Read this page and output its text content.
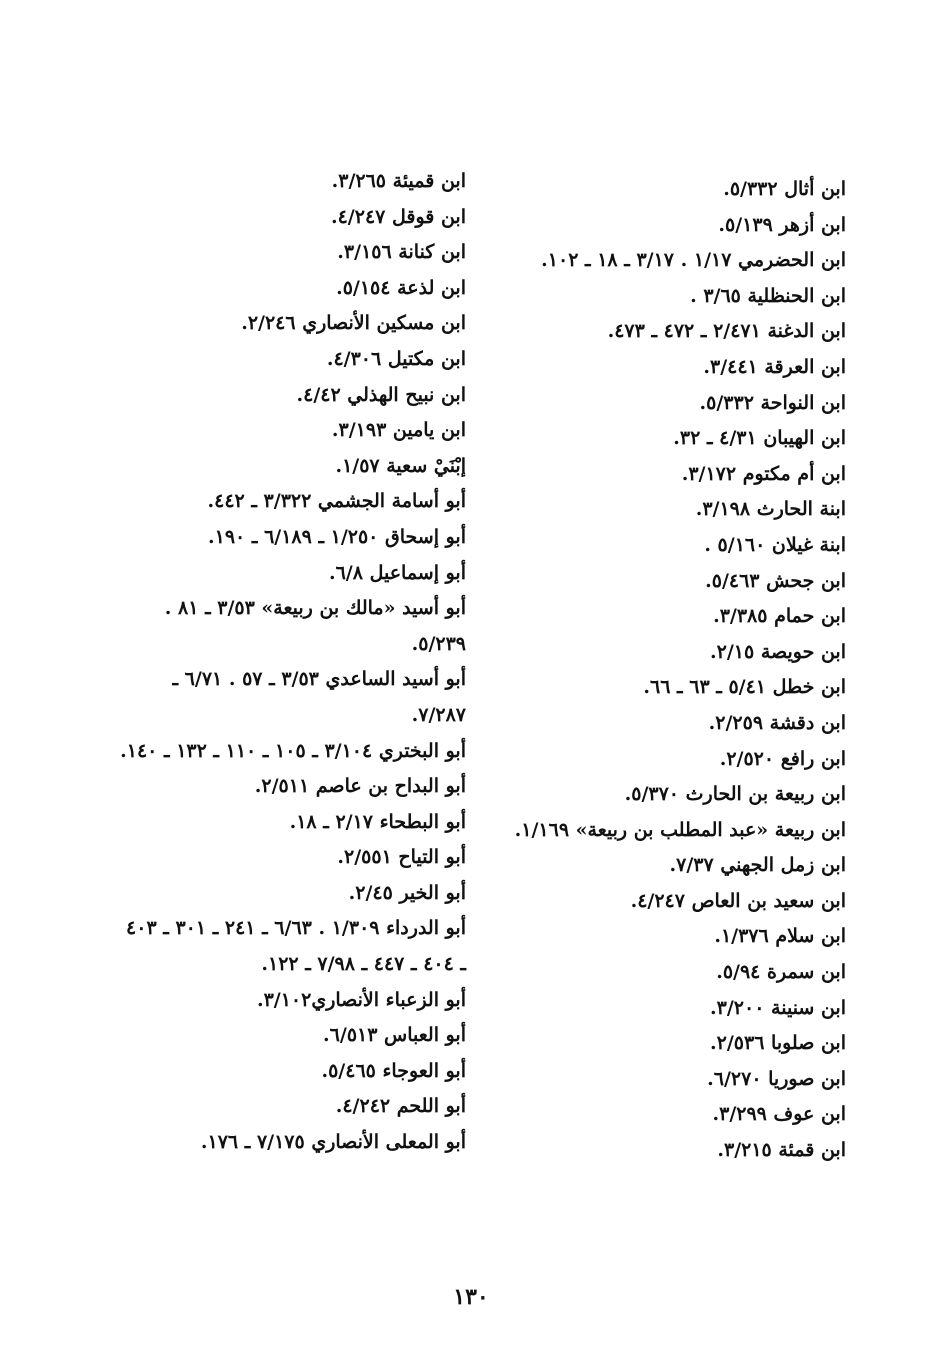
ابن أثال ٥/٣٣٢.
ابن أزهر ٥/١٣٩.
ابن الحضرمي ١/١٧ . ٣/١٧ ـ ١٨ ـ ١٠٢.
ابن الحنظلية ٣/٦٥ .
ابن الدغنة ٢/٤٧١ ـ ٤٧٢ ـ ٤٧٣.
ابن العرقة ٣/٤٤١.
ابن النواحة ٥/٣٣٢.
ابن الهيبان ٤/٣١ ـ ٣٢.
ابن أم مكتوم ٣/١٧٢.
ابنة الحارث ٣/١٩٨.
ابنة غيلان ٥/١٦٠ .
ابن جحش ٥/٤٦٣.
ابن حمام ٣/٣٨٥.
ابن حويصة ٢/١٥.
ابن خطل ٥/٤١ ـ ٦٣ ـ ٦٦.
ابن دقشة ٢/٢٥٩.
ابن رافع ٢/٥٢٠.
ابن ربيعة بن الحارث ٥/٣٧٠.
ابن ربيعة «عبد المطلب بن ربيعة» ١/١٦٩.
ابن زمل الجهني ٧/٣٧.
ابن سعيد بن العاص ٤/٢٤٧.
ابن سلام ١/٣٧٦.
ابن سمرة ٥/٩٤.
ابن سنينة ٣/٢٠٠.
ابن صلوبا ٢/٥٣٦.
ابن صوريا ٦/٢٧٠.
ابن عوف ٣/٢٩٩.
ابن قمئة ٣/٢١٥.
ابن قميئة ٣/٢٦٥.
ابن قوقل ٤/٢٤٧.
ابن كنانة ٣/١٥٦.
ابن لذعة ٥/١٥٤.
ابن مسكين الأنصاري ٢/٢٤٦.
ابن مكتيل ٤/٣٠٦.
ابن نبيح الهذلي ٤/٤٢.
ابن يامين ٣/١٩٣.
إبْنَيْ سعية ١/٥٧.
أبو أسامة الجشمي ٣/٣٢٢ ـ ٤٤٢.
أبو إسحاق ١/٢٥٠ ـ ٦/١٨٩ ـ ١٩٠.
أبو إسماعيل ٦/٨.
أبو أسيد «مالك بن ربيعة» ٣/٥٣ ـ ٨١ . ٥/٢٣٩.
أبو أسيد الساعدي ٣/٥٣ ـ ٥٧ . ٦/٧١ ـ ٧/٢٨٧.
أبو البختري ٣/١٠٤ ـ ١٠٥ ـ ١١٠ ـ ١٣٢ ـ ١٤٠.
أبو البداح بن عاصم ٢/٥١١.
أبو البطحاء ٢/١٧ ـ ١٨.
أبو التياح ٢/٥٥١.
أبو الخير ٢/٤٥.
أبو الدرداء ١/٣٠٩ . ٦/٦٣ ـ ٢٤١ ـ ٣٠١ ـ ٤٠٣ ـ ٤٠٤ ـ ٤٤٧ ـ ٧/٩٨ ـ ١٢٢.
أبو الزعباء الأنصاري٣/١٠٢.
أبو العباس ٦/٥١٣.
أبو العوجاء ٥/٤٦٥.
أبو اللحم ٤/٢٤٢.
أبو المعلى الأنصاري ٧/١٧٥ ـ ١٧٦.
١٣٠
